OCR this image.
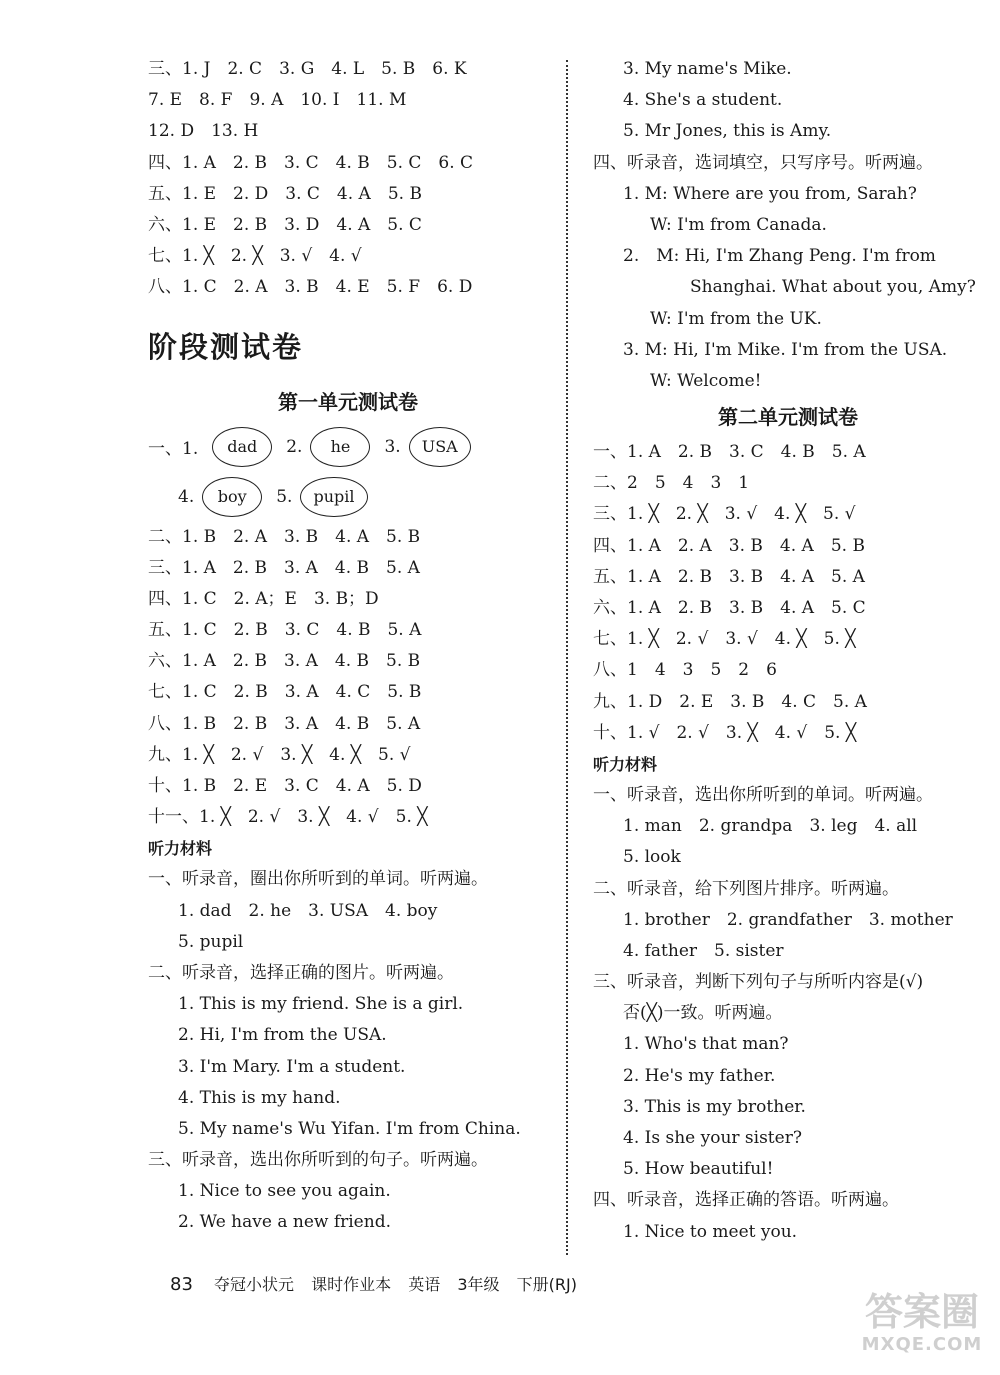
三、1. J　2. C　3. G　4. L　5. B　6. K
7. E　8. F　9. A　10. I　11. M
12. D　13. H
四、1. A　2. B　3. C　4. B　5. C　6. C
五、1. E　2. D　3. C　4. A　5. B
六、1. E　2. B　3. D　4. A　5. C
七、1. ╳　2. ╳　3. √　4. √
八、1. C　2. A　3. B　4. E　5. F　6. D
阶段测试卷
第一单元测试卷
一、1.	dad	2.	he	3.	USA
4.	boy	5.	pupil
二、1. B　2. A　3. B　4. A　5. B
三、1. A　2. B　3. A　4. B　5. A
四、1. C　2. A；E　3. B；D
五、1. C　2. B　3. C　4. B　5. A
六、1. A　2. B　3. A　4. B　5. B
七、1. C　2. B　3. A　4. C　5. B
八、1. B　2. B　3. A　4. B　5. A
九、1. ╳　2. √　3. ╳　4. ╳　5. √
十、1. B　2. E　3. C　4. A　5. D
十一、1. ╳　2. √　3. ╳　4. √　5. ╳
听力材料
一、听录音，圈出你所听到的单词。听两遍。
1. dad　2. he　3. USA　4. boy
5. pupil
二、听录音，选择正确的图片。听两遍。
1. This is my friend. She is a girl.
2. Hi, I'm from the USA.
3. I'm Mary. I'm a student.
4. This is my hand.
5. My name's Wu Yifan. I'm from China.
三、听录音，选出你所听到的句子。听两遍。
1. Nice to see you again.
2. We have a new friend.
3. My name's Mike.
4. She's a student.
5. Mr Jones, this is Amy.
四、听录音，选词填空，只写序号。听两遍。
1. M: Where are you from, Sarah?
W: I'm from Canada.
2.　M: Hi, I'm Zhang Peng. I'm from
Shanghai. What about you, Amy?
W: I'm from the UK.
3. M: Hi, I'm Mike. I'm from the USA.
W: Welcome!
第二单元测试卷
一、1. A　2. B　3. C　4. B　5. A
二、2　5　4　3　1
三、1. ╳　2. ╳　3. √　4. ╳　5. √
四、1. A　2. A　3. B　4. A　5. B
五、1. A　2. B　3. B　4. A　5. A
六、1. A　2. B　3. B　4. A　5. C
七、1. ╳　2. √　3. √　4. ╳　5. ╳
八、1　4　3　5　2　6
九、1. D　2. E　3. B　4. C　5. A
十、1. √　2. √　3. ╳　4. √　5. ╳
听力材料
一、听录音，选出你所听到的单词。听两遍。
1. man　2. grandpa　3. leg　4. all
5. look
二、听录音，给下列图片排序。听两遍。
1. brother　2. grandfather　3. mother
4. father　5. sister
三、听录音，判断下列句子与所听内容是(√)
否(╳)一致。听两遍。
1. Who's that man?
2. He's my father.
3. This is my brother.
4. Is she your sister?
5. How beautiful!
四、听录音，选择正确的答语。听两遍。
1. Nice to meet you.
83 夺冠小状元 课时作业本 英语 3年级 下册(RJ)
答案圈
MXQE.COM
